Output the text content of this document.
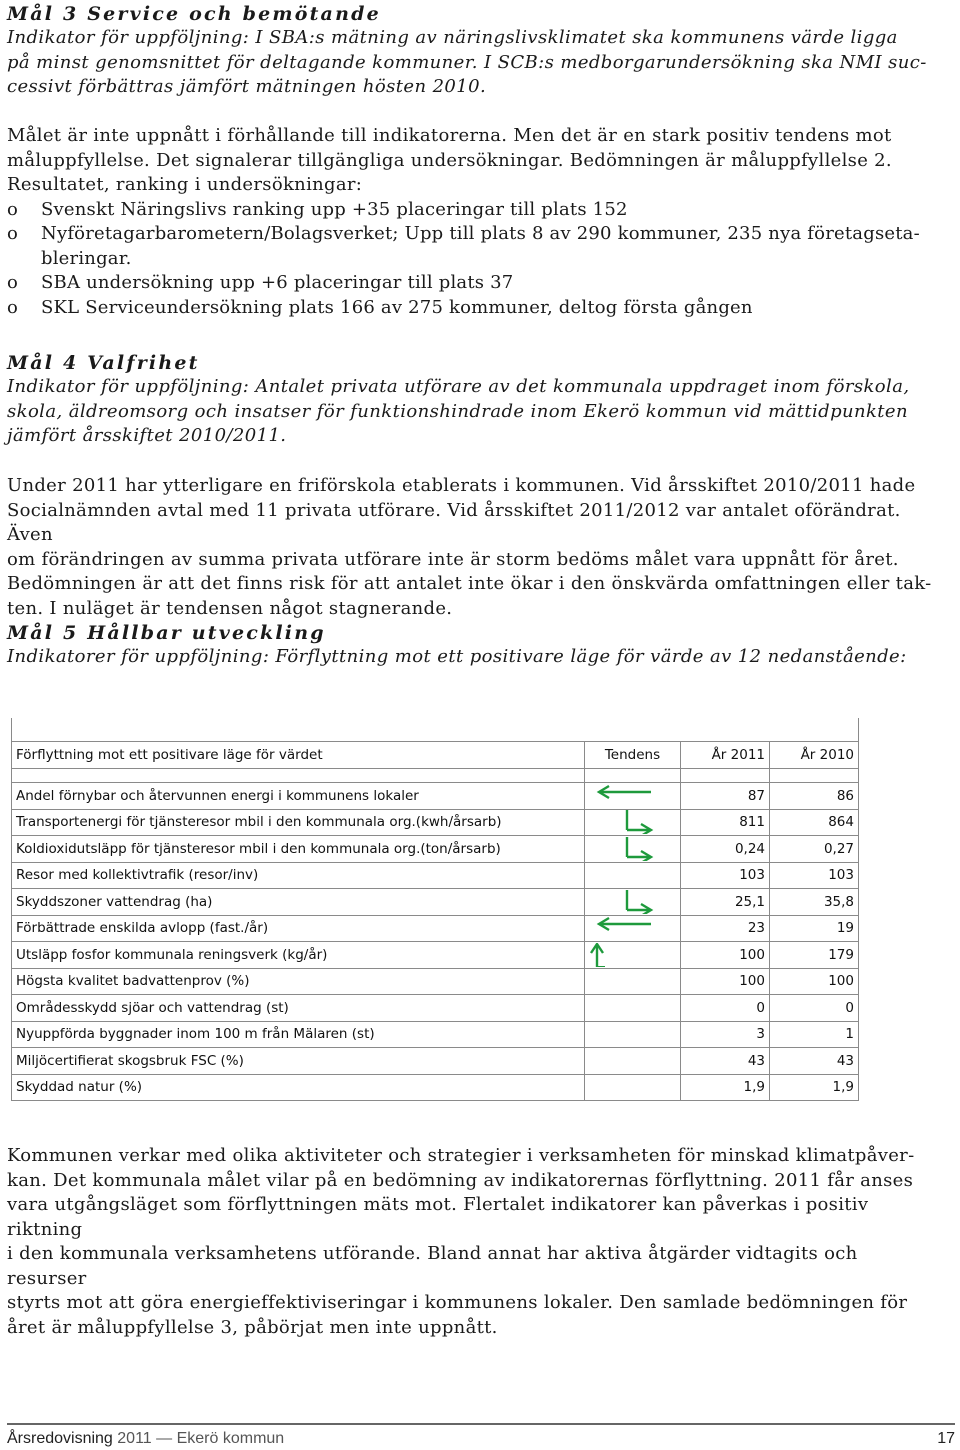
Mål 3 Service och bemötande

Indikator för uppföljning: I SBA:s mätning av näringslivsklimatet ska kommunens värde ligga

på minst genomsnittet för deltagande kommuner. I SCB:s medborgarundersökning ska NMI suc-

cessivt förbättras jämfört mätningen hösten 2010.

Målet är inte uppnått i förhållande till indikatorerna. Men det är en stark positiv tendens mot

måluppfyllelse. Det signalerar tillgängliga undersökningar. Bedömningen är måluppfyllelse 2.

Resultatet, ranking i undersökningar:

o Svenskt Näringslivs ranking upp +35 placeringar till plats 152
o Nyföretagarbarometern/Bolagsverket; Upp till plats 8 av 290 kommuner, 235 nya företagseta-
bleringar.
o SBA undersökning upp +6 placeringar till plats 37
o SKL Serviceundersökning plats 166 av 275 kommuner, deltog första gången

Mål 4 Valfrihet

Indikator för uppföljning: Antalet privata utförare av det kommunala uppdraget inom förskola,

skola, äldreomsorg och insatser för funktionshindrade inom Ekerö kommun vid mättidpunkten

jämfört årsskiftet 2010/2011.

Under 2011 har ytterligare en friförskola etablerats i kommunen. Vid årsskiftet 2010/2011 hade

Socialnämnden avtal med 11 privata utförare. Vid årsskiftet 2011/2012 var antalet oförändrat. Även

om förändringen av summa privata utförare inte är storm bedöms målet vara uppnått för året.

Bedömningen är att det finns risk för att antalet inte ökar i den önskvärda omfattningen eller tak-

ten. I nuläget är tendensen något stagnerande.

Mål 5 Hållbar utveckling

Indikatorer för uppföljning: Förflyttning mot ett positivare läge för värde av 12 nedanstående:

Förflyttning mot ett positivare läge för värdet	Tendens	År 2011	År 2010

Andel förnybar och återvunnen energi i kommunens lokaler		87	86
Transportenergi för tjänsteresor mbil i den kommunala org.(kwh/årsarb)		811	864
Koldioxidutsläpp för tjänsteresor mbil i den kommunala org.(ton/årsarb)		0,24	0,27
Resor med kollektivtrafik (resor/inv)		103	103
Skyddszoner vattendrag (ha)		25,1	35,8
Förbättrade enskilda avlopp (fast./år)		23	19
Utsläpp fosfor kommunala reningsverk (kg/år)		100	179
Högsta kvalitet badvattenprov (%)		100	100
Områdesskydd sjöar och vattendrag (st)		0	0
Nyuppförda byggnader inom 100 m från Mälaren (st)		3	1
Miljöcertifierat skogsbruk FSC (%)		43	43
Skyddad natur (%)		1,9	1,9

Kommunen verkar med olika aktiviteter och strategier i verksamheten för minskad klimatpåver-

kan. Det kommunala målet vilar på en bedömning av indikatorernas förflyttning. 2011 får anses

vara utgångsläget som förflyttningen mäts mot. Flertalet indikatorer kan påverkas i positiv riktning

i den kommunala verksamhetens utförande. Bland annat har aktiva åtgärder vidtagits och resurser

styrts mot att göra energieffektiviseringar i kommunens lokaler. Den samlade bedömningen för

året är måluppfyllelse 3, påbörjat men inte uppnått.

Årsredovisning 2011 — Ekerö kommun	17
